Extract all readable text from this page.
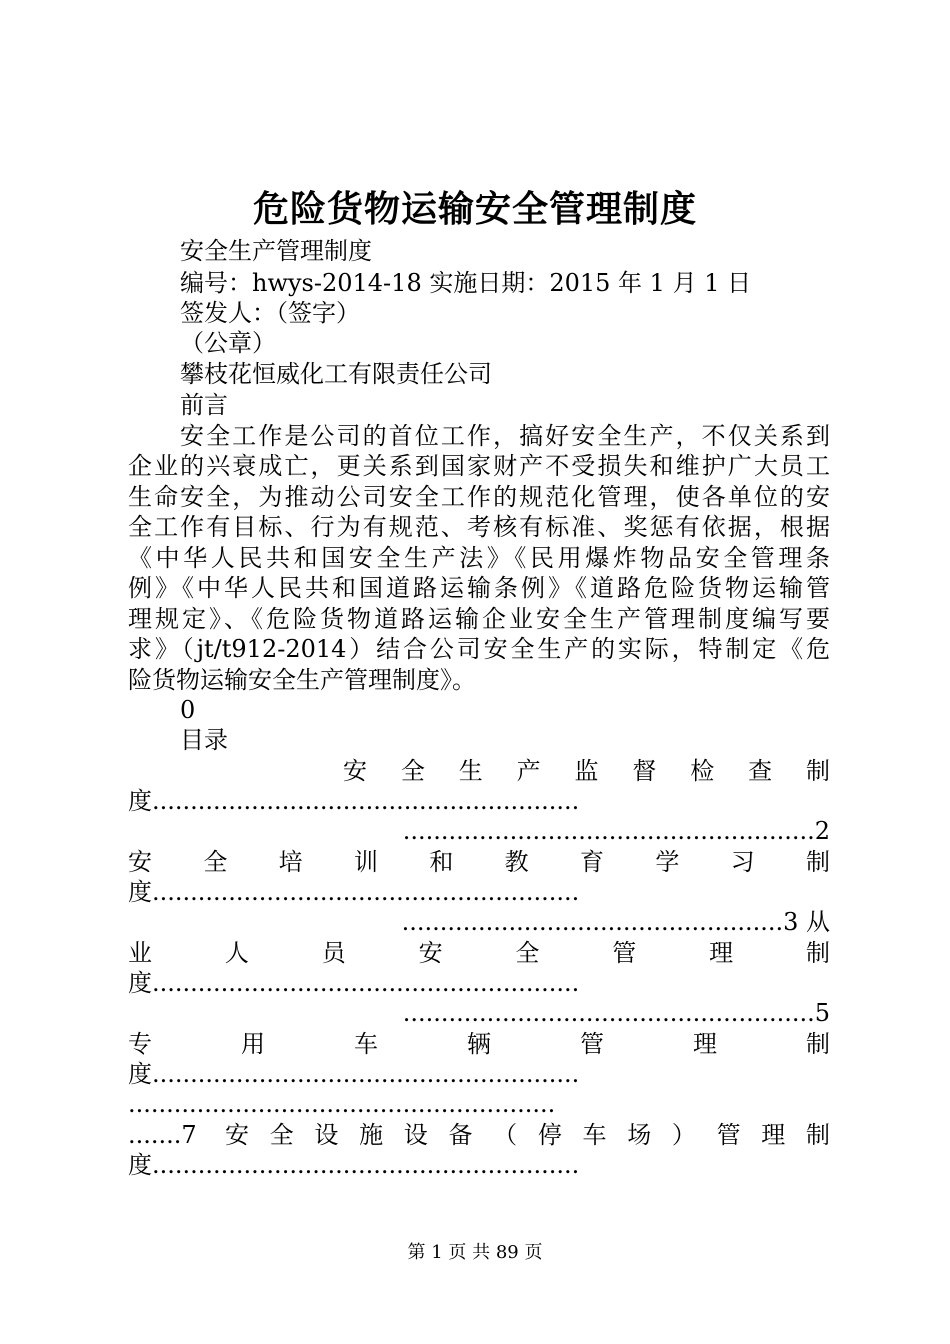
危险货物运输安全管理制度
安全生产管理制度
编号：hwys-2014-18 实施日期：2015 年 1 月 1 日
签发人：（签字）
（公章）
攀枝花恒威化工有限责任公司
前言
安全工作是公司的首位工作，搞好安全生产，不仅关系到
企业的兴衰成亡，更关系到国家财产不受损失和维护广大员工
生命安全，为推动公司安全工作的规范化管理，使各单位的安
全工作有目标、行为有规范、考核有标准、奖惩有依据，根据
《中华人民共和国安全生产法》《民用爆炸物品安全管理条
例》《中华人民共和国道路运输条例》《道路危险货物运输管
理规定》、《危险货物道路运输企业安全生产管理制度编写要
求》（jt/t912-2014）结合公司安全生产的实际，特制定《危
险货物运输安全生产管理制度》。
0
目录
安全生产监督检查制
度........................................................
......................................................2
安全培训和教育学习制
度........................................................
..................................................3 从
业人员安全管理制
度........................................................
......................................................5
专用车辆管理制
度........................................................
........................................................
.......7 安全设施设备（停车场）管理制
度........................................................
第 1 页 共 89 页
